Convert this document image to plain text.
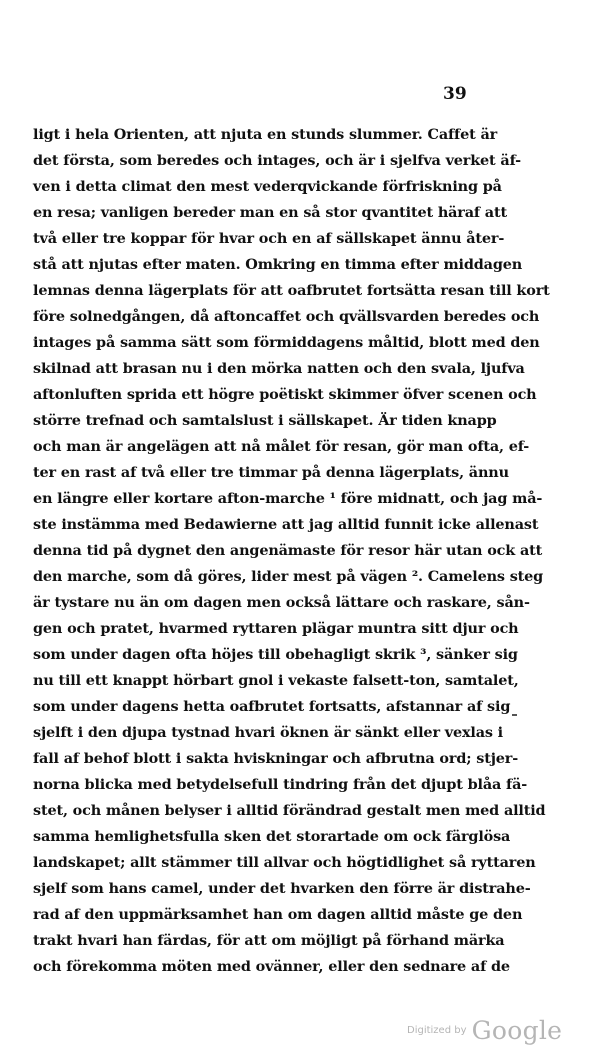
39
ligt i hela Orienten, att njuta en stunds slummer. Caffet är
det första, som beredes och intages, och är i sjelfva verket äf-
ven i detta climat den mest vederqvickande förfriskning på
en resa; vanligen bereder man en så stor qvantitet häraf att
två eller tre koppar för hvar och en af sällskapet ännu åter-
stå att njutas efter maten. Omkring en timma efter middagen
lemnas denna lägerplats för att oafbrutet fortsätta resan till kort
före solnedgången, då aftoncaffet och qvällsvarden beredes och
intages på samma sätt som förmiddagens måltid, blott med den
skilnad att brasan nu i den mörka natten och den svala, ljufva
aftonluften sprida ett högre poëtiskt skimmer öfver scenen och
större trefnad och samtalslust i sällskapet. Är tiden knapp
och man är angelägen att nå målet för resan, gör man ofta, ef-
ter en rast af två eller tre timmar på denna lägerplats, ännu
en längre eller kortare afton-marche ¹ före midnatt, och jag må-
ste instämma med Bedawierne att jag alltid funnit icke allenast
denna tid på dygnet den angenämaste för resor här utan ock att
den marche, som då göres, lider mest på vägen ². Camelens steg
är tystare nu än om dagen men också lättare och raskare, sån-
gen och pratet, hvarmed ryttaren plägar muntra sitt djur och
som under dagen ofta höjes till obehagligt skrik ³, sänker sig
nu till ett knappt hörbart gnol i vekaste falsett-ton, samtalet,
som under dagens hetta oafbrutet fortsatts, afstannar af sig
sjelft i den djupa tystnad hvari öknen är sänkt eller vexlas i
fall af behof blott i sakta hviskningar och afbrutna ord; stjer-
norna blicka med betydelsefull tindring från det djupt blåa fä-
stet, och månen belyser i alltid förändrad gestalt men med alltid
samma hemlighetsfulla sken det storartade om ock färglösa
landskapet; allt stämmer till allvar och högtidlighet så ryttaren
sjelf som hans camel, under det hvarken den förre är distrahe-
rad af den uppmärksamhet han om dagen alltid måste ge den
trakt hvari han färdas, för att om möjligt på förhand märka
och förekomma möten med ovänner, eller den sednare af de
Digitized by Google
